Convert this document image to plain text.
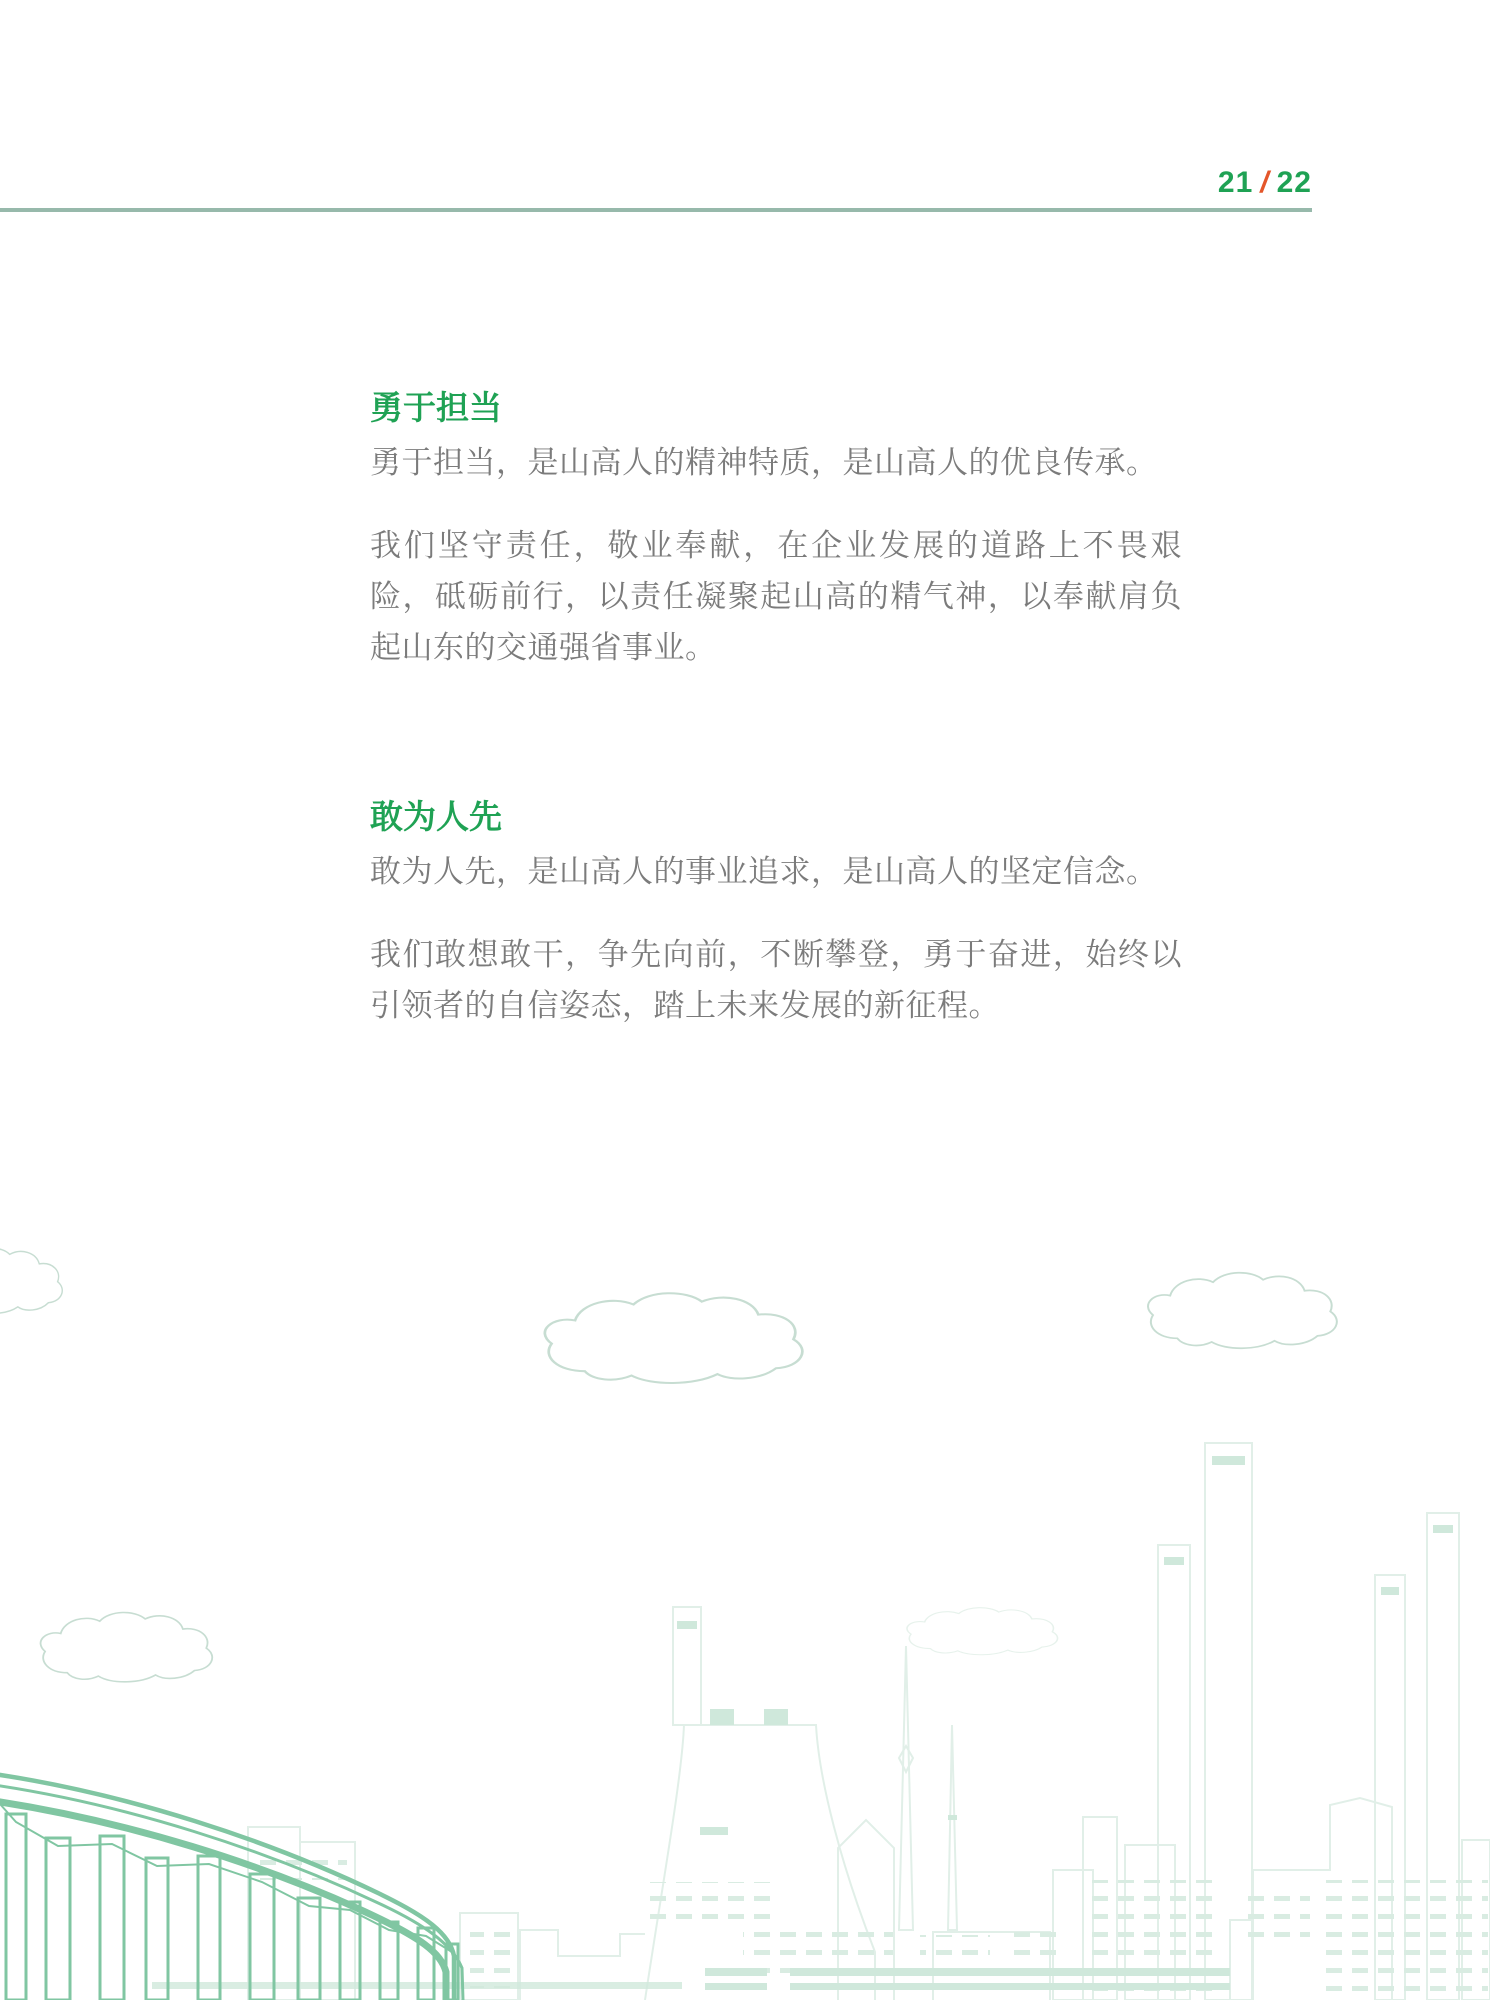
21 / 22
勇于担当

勇于担当，是山高人的精神特质，是山高人的优良传承。

我们坚守责任，敬业奉献，在企业发展的道路上不畏艰险，砥砺前行，以责任凝聚起山高的精气神，以奉献肩负起山东的交通强省事业。

敢为人先

敢为人先，是山高人的事业追求，是山高人的坚定信念。

我们敢想敢干，争先向前，不断攀登，勇于奋进，始终以引领者的自信姿态，踏上未来发展的新征程。
